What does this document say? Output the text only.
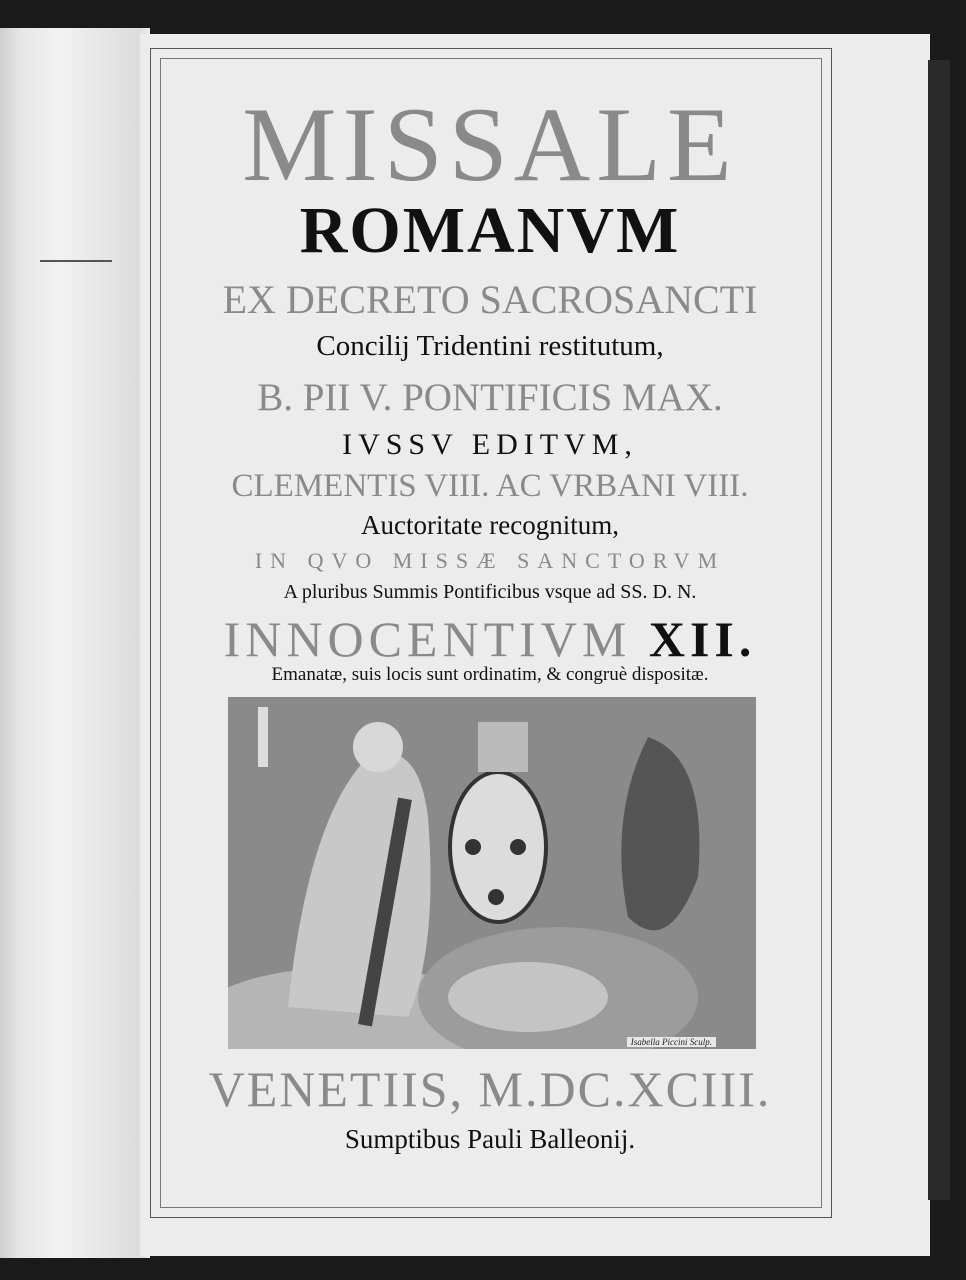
MISSALE
ROMANVM
EX DECRETO SACROSANCTI
Concilij Tridentini restitutum,
B. PII V. PONTIFICIS MAX.
IVSSV EDITVM,
CLEMENTIS VIII. AC VRBANI VIII.
Auctoritate recognitum,
IN QVO MISSÆ SANCTORVM
A pluribus Summis Pontificibus vsque ad SS. D. N.
INNOCENTIVM XII.
Emanatæ, suis locis sunt ordinatim, & congruè dispositæ.
Isabella Piccini Sculp.
VENETIIS, M.DC.XCIII.
Sumptibus Pauli Balleonij.
